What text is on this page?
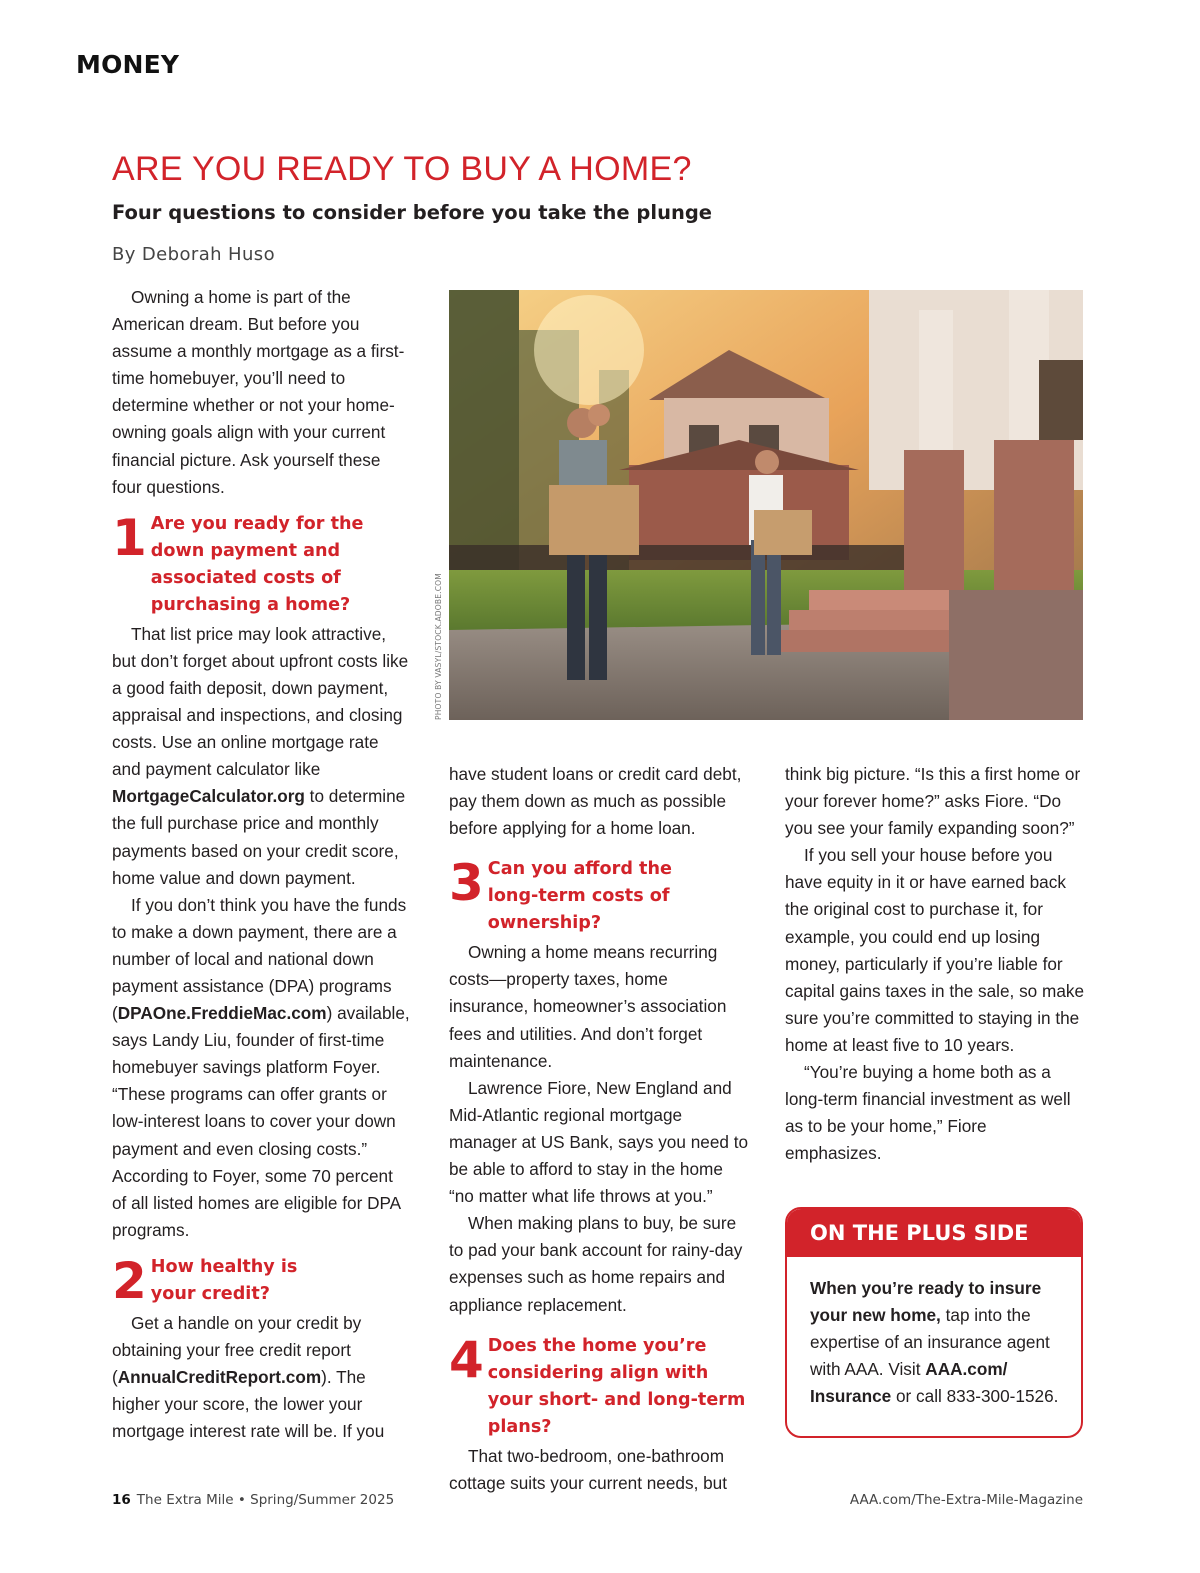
MONEY
ARE YOU READY TO BUY A HOME?
Four questions to consider before you take the plunge
By Deborah Huso

Owning a home is part of the American dream. But before you assume a monthly mortgage as a first-time homebuyer, you’ll need to determine whether or not your home-owning goals align with your current financial picture. Ask yourself these four questions.

1 Are you ready for the down payment and associated costs of purchasing a home?

That list price may look attractive, but don’t forget about upfront costs like a good faith deposit, down payment, appraisal and inspections, and closing costs. Use an online mortgage rate and payment calculator like MortgageCalculator.org to determine the full purchase price and monthly payments based on your credit score, home value and down payment.

If you don’t think you have the funds to make a down payment, there are a number of local and national down payment assistance (DPA) programs (DPAOne.FreddieMac.com) available, says Landy Liu, founder of first-time homebuyer savings platform Foyer. “These programs can offer grants or low-interest loans to cover your down payment and even closing costs.” According to Foyer, some 70 percent of all listed homes are eligible for DPA programs.

2 How healthy is your credit?

Get a handle on your credit by obtaining your free credit report (AnnualCreditReport.com). The higher your score, the lower your mortgage interest rate will be. If you

PHOTO BY VASYL/STOCK.ADOBE.COM

have student loans or credit card debt, pay them down as much as possible before applying for a home loan.

3 Can you afford the long-term costs of ownership?

Owning a home means recurring costs—property taxes, home insurance, homeowner’s association fees and utilities. And don’t forget maintenance.

Lawrence Fiore, New England and Mid-Atlantic regional mortgage manager at US Bank, says you need to be able to afford to stay in the home “no matter what life throws at you.”

When making plans to buy, be sure to pad your bank account for rainy-day expenses such as home repairs and appliance replacement.

4 Does the home you’re considering align with your short- and long-term plans?

That two-bedroom, one-bathroom cottage suits your current needs, but

think big picture. “Is this a first home or your forever home?” asks Fiore. “Do you see your family expanding soon?”

If you sell your house before you have equity in it or have earned back the original cost to purchase it, for example, you could end up losing money, particularly if you’re liable for capital gains taxes in the sale, so make sure you’re committed to staying in the home at least five to 10 years.

“You’re buying a home both as a long-term financial investment as well as to be your home,” Fiore emphasizes.

ON THE PLUS SIDE
When you’re ready to insure your new home, tap into the expertise of an insurance agent with AAA. Visit AAA.com/ Insurance or call 833-300-1526.
16 The Extra Mile • Spring/Summer 2025	AAA.com/The-Extra-Mile-Magazine
